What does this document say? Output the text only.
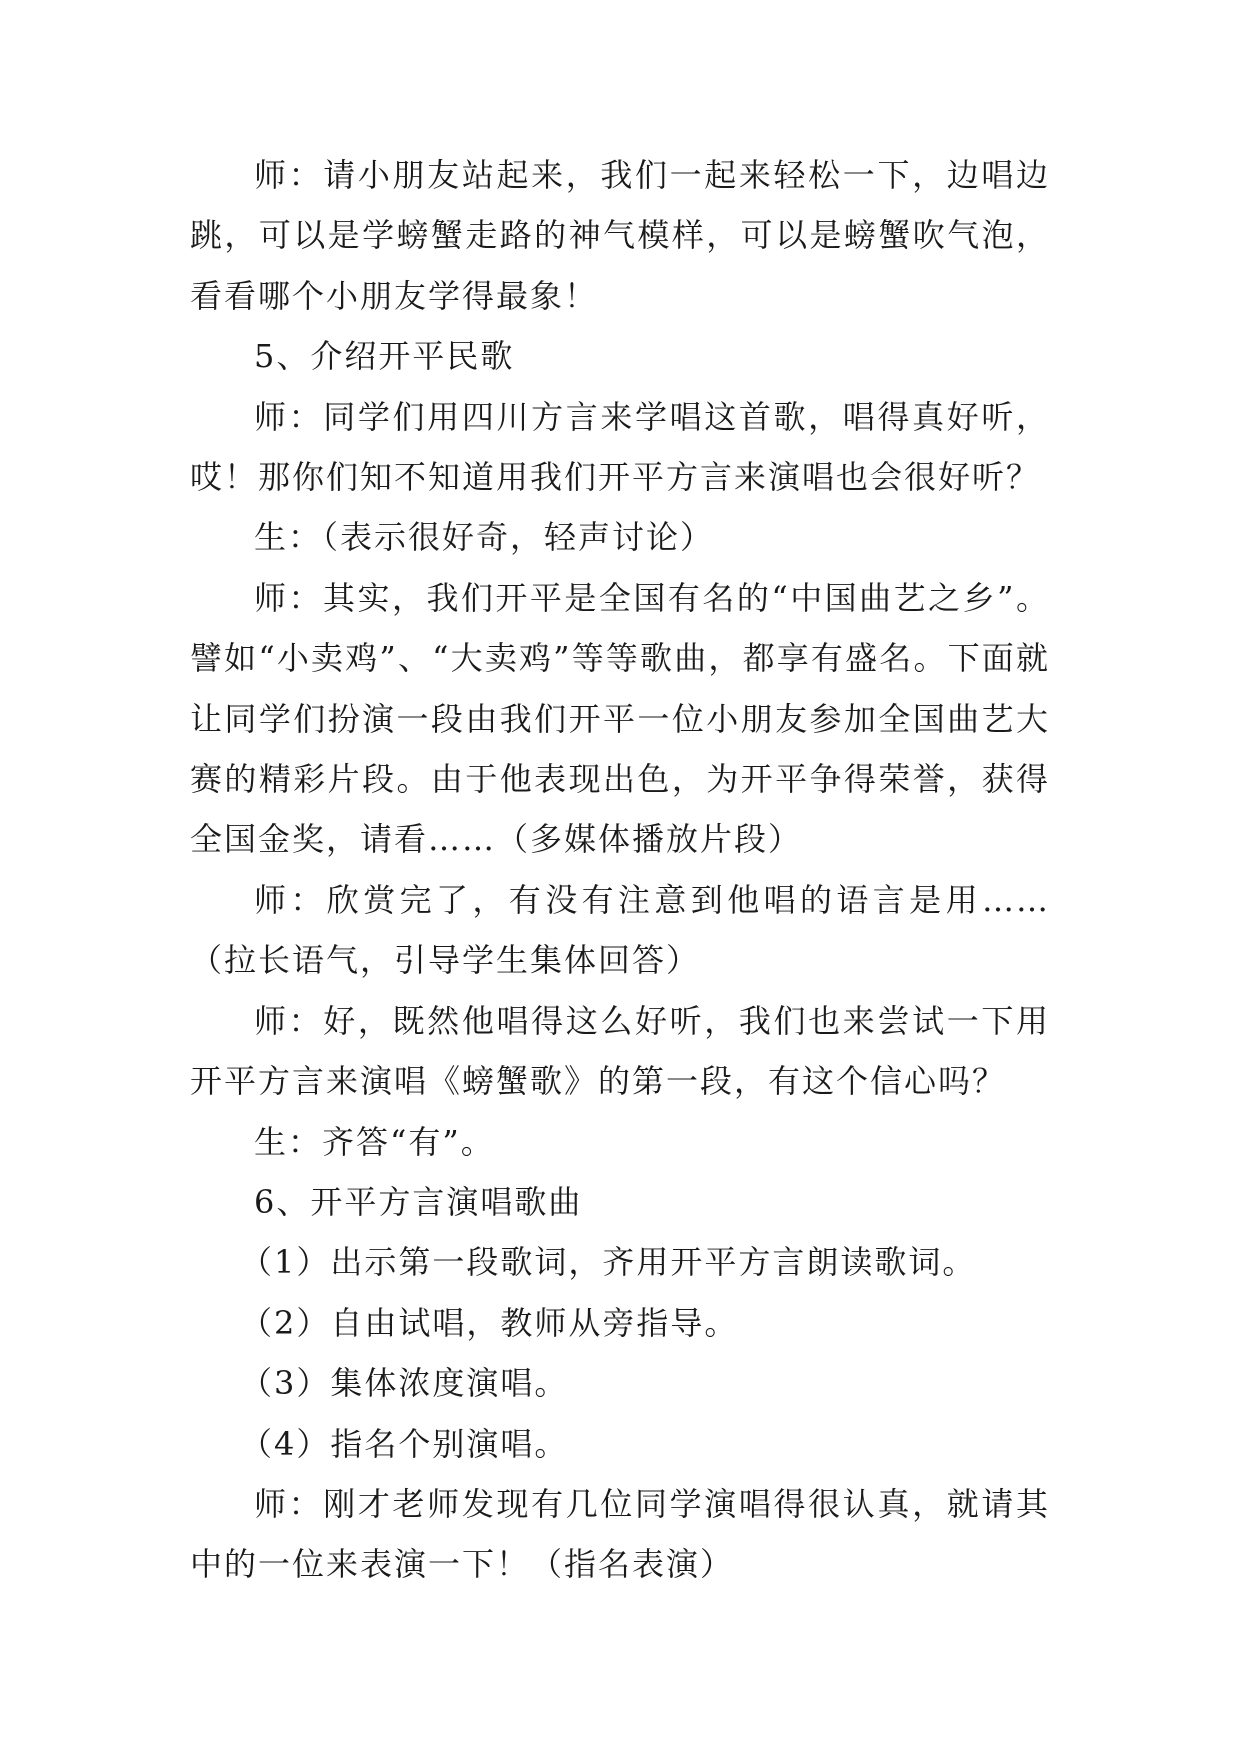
师：请小朋友站起来，我们一起来轻松一下，边唱边跳，可以是学螃蟹走路的神气模样，可以是螃蟹吹气泡，看看哪个小朋友学得最象！

5、介绍开平民歌

师：同学们用四川方言来学唱这首歌，唱得真好听，哎！那你们知不知道用我们开平方言来演唱也会很好听？

生：（表示很好奇，轻声讨论）

师：其实，我们开平是全国有名的“中国曲艺之乡”。譬如“小卖鸡”、“大卖鸡”等等歌曲，都享有盛名。下面就让同学们扮演一段由我们开平一位小朋友参加全国曲艺大赛的精彩片段。由于他表现出色，为开平争得荣誉，获得全国金奖，请看……（多媒体播放片段）

师：欣赏完了，有没有注意到他唱的语言是用……（拉长语气，引导学生集体回答）

师：好，既然他唱得这么好听，我们也来尝试一下用开平方言来演唱《螃蟹歌》的第一段，有这个信心吗？

生：齐答“有”。

6、开平方言演唱歌曲

（1）出示第一段歌词，齐用开平方言朗读歌词。

（2）自由试唱，教师从旁指导。

（3）集体浓度演唱。

（4）指名个别演唱。

师：刚才老师发现有几位同学演唱得很认真，就请其中的一位来表演一下！（指名表演）
